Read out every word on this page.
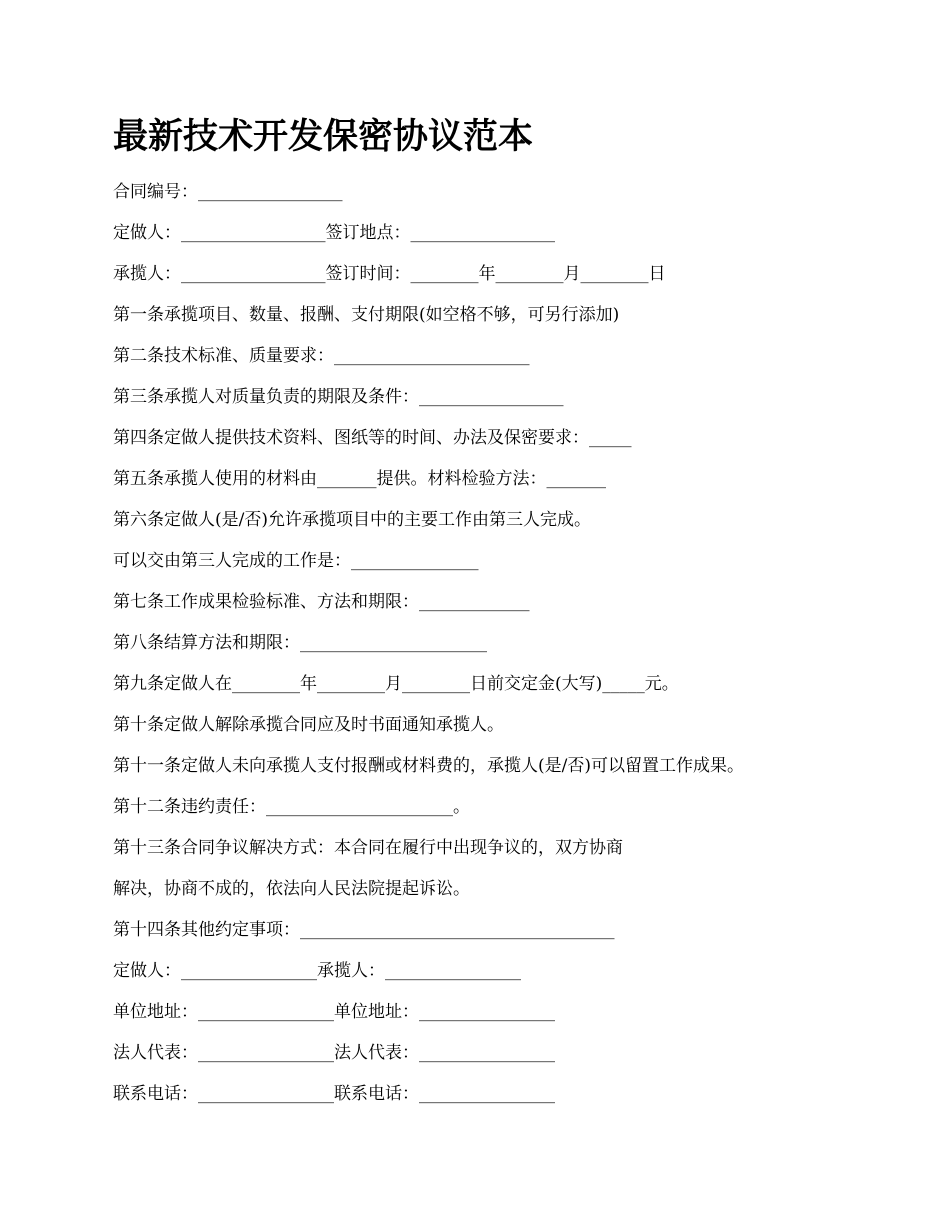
最新技术开发保密协议范本

合同编号：_________________

定做人：_________________签订地点：_________________

承揽人：_________________签订时间：________年________月________日

第一条承揽项目、数量、报酬、支付期限(如空格不够，可另行添加)

第二条技术标准、质量要求：_______________________

第三条承揽人对质量负责的期限及条件：_________________

第四条定做人提供技术资料、图纸等的时间、办法及保密要求：_____

第五条承揽人使用的材料由_______提供。材料检验方法：_______

第六条定做人(是/否)允许承揽项目中的主要工作由第三人完成。

可以交由第三人完成的工作是：_______________

第七条工作成果检验标准、方法和期限：_____________

第八条结算方法和期限：______________________

第九条定做人在________年________月________日前交定金(大写)_____元。

第十条定做人解除承揽合同应及时书面通知承揽人。

第十一条定做人未向承揽人支付报酬或材料费的，承揽人(是/否)可以留置工作成果。

第十二条违约责任：______________________。

第十三条合同争议解决方式：本合同在履行中出现争议的，双方协商

解决，协商不成的，依法向人民法院提起诉讼。

第十四条其他约定事项：_____________________________________

定做人：________________承揽人：________________

单位地址：________________单位地址：________________

法人代表：________________法人代表：________________

联系电话：________________联系电话：________________
